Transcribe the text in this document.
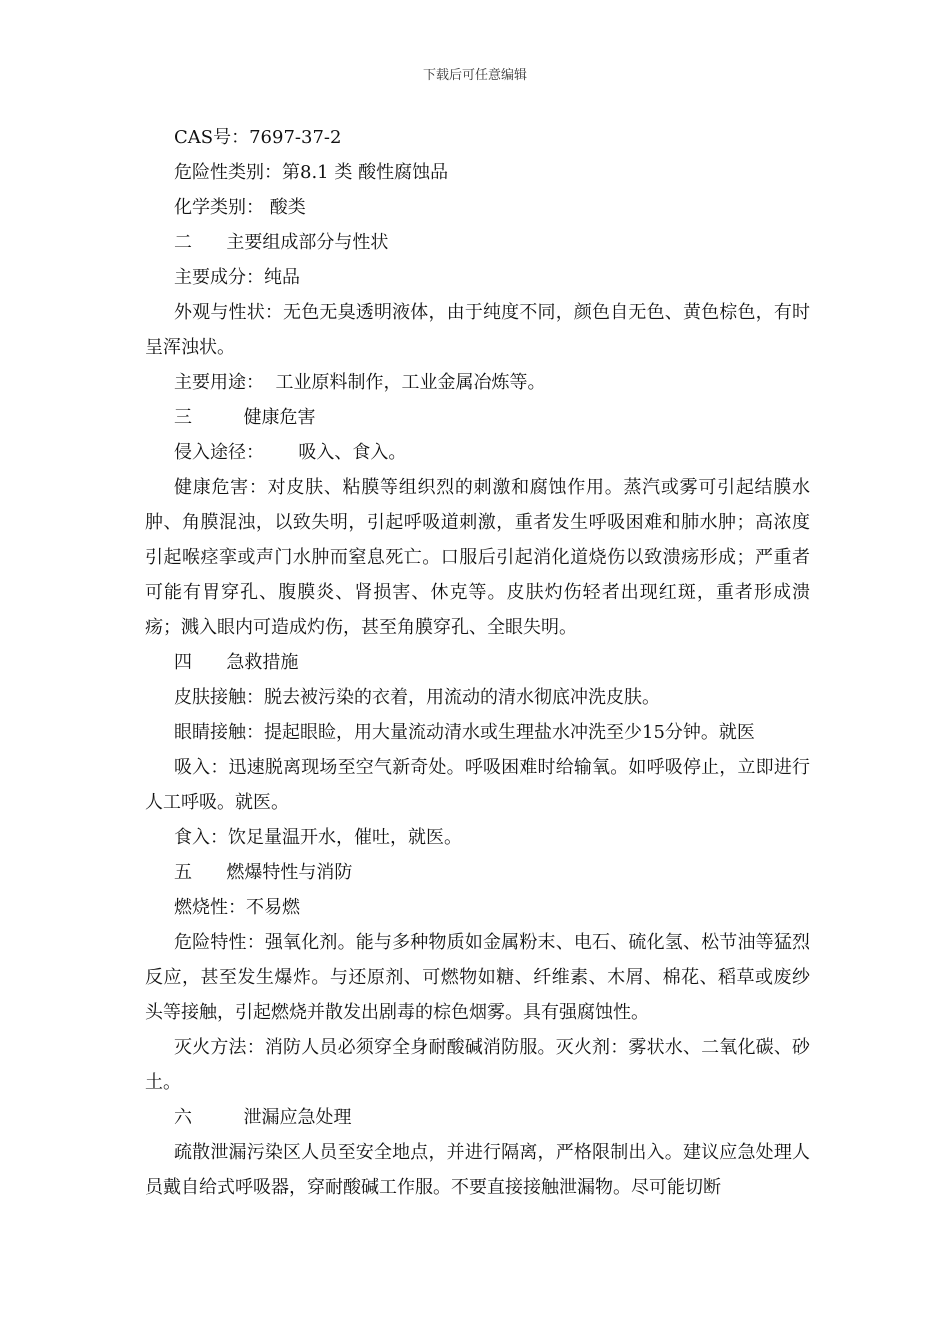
下载后可任意编辑

CAS号：7697-37-2

危险性类别：第8.1 类 酸性腐蚀品

化学类别： 酸类

二      主要组成部分与性状

主要成分：纯品

外观与性状：无色无臭透明液体，由于纯度不同，颜色自无色、黄色棕色，有时呈浑浊状。

主要用途：  工业原料制作，工业金属冶炼等。

三         健康危害

侵入途径：      吸入、食入。

健康危害：对皮肤、粘膜等组织烈的刺激和腐蚀作用。蒸汽或雾可引起结膜水肿、角膜混浊，以致失明，引起呼吸道刺激，重者发生呼吸困难和肺水肿；高浓度引起喉痉挛或声门水肿而窒息死亡。口服后引起消化道烧伤以致溃疡形成；严重者可能有胃穿孔、腹膜炎、肾损害、休克等。皮肤灼伤轻者出现红斑，重者形成溃疡；溅入眼内可造成灼伤，甚至角膜穿孔、全眼失明。

四      急救措施

皮肤接触：脱去被污染的衣着，用流动的清水彻底冲洗皮肤。

眼睛接触：提起眼睑，用大量流动清水或生理盐水冲洗至少15分钟。就医

吸入：迅速脱离现场至空气新奇处。呼吸困难时给输氧。如呼吸停止，立即进行人工呼吸。就医。

食入：饮足量温开水，催吐，就医。

五      燃爆特性与消防

燃烧性：不易燃

危险特性：强氧化剂。能与多种物质如金属粉末、电石、硫化氢、松节油等猛烈反应，甚至发生爆炸。与还原剂、可燃物如糖、纤维素、木屑、棉花、稻草或废纱头等接触，引起燃烧并散发出剧毒的棕色烟雾。具有强腐蚀性。

灭火方法：消防人员必须穿全身耐酸碱消防服。灭火剂：雾状水、二氧化碳、砂土。

六         泄漏应急处理

疏散泄漏污染区人员至安全地点，并进行隔离，严格限制出入。建议应急处理人员戴自给式呼吸器，穿耐酸碱工作服。不要直接接触泄漏物。尽可能切断
